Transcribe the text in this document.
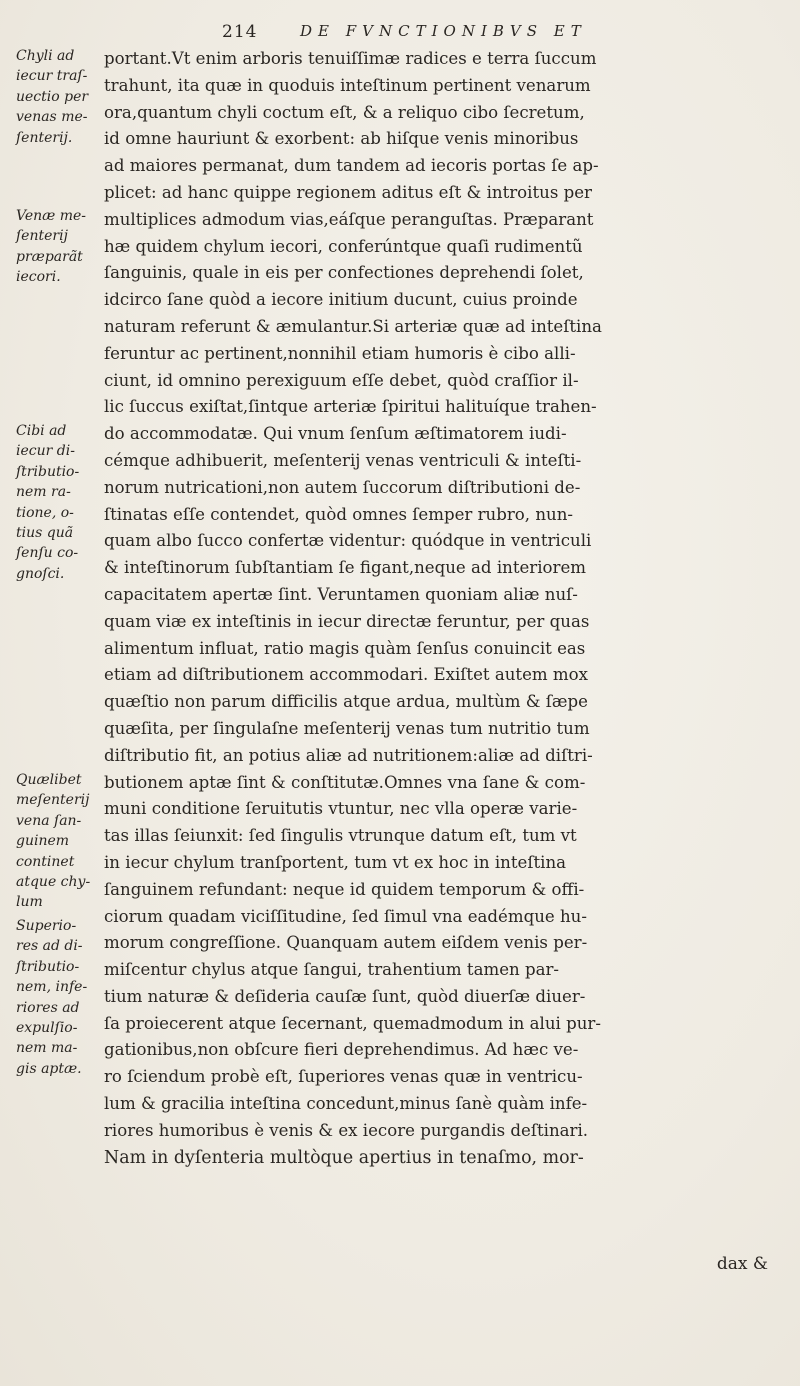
214	DE FVNCTIONIBVS ET
Chyli ad
iecur traſ-
uectio per
venas me-
ſenterij.
Venæ me-
ſenterij
præparãt
iecori.
Cibi ad
iecur di-
ſtributio-
nem ra-
tione, o-
tius quã
ſenſu co-
gnoſci.
Quælibet
meſenterij
vena ſan-
guinem
continet
atque chy-
lum
Superio-
res ad di-
ſtributio-
nem, infe-
riores ad
expulſio-
nem ma-
gis aptæ.
portant.Vt enim arboris tenuiſſimæ radices e terra ſuccum
trahunt, ita quæ in quoduis inteſtinum pertinent venarum
ora,quantum chyli coctum eſt, & a reliquo cibo ſecretum,
id omne hauriunt & exorbent: ab hiſque venis minoribus
ad maiores permanat, dum tandem ad iecoris portas ſe ap-
plicet: ad hanc quippe regionem aditus eſt & introitus per
multiplices admodum vias,eáſque peranguſtas. Præparant
hæ quidem chylum iecori, conferúntque quaſi rudimentũ
ſanguinis, quale in eis per confectiones deprehendi ſolet,
idcirco ſane quòd a iecore initium ducunt, cuius proinde
naturam referunt & æmulantur.Si arteriæ quæ ad inteſtina
feruntur ac pertinent,nonnihil etiam humoris è cibo alli-
ciunt, id omnino perexiguum eſſe debet, quòd craſſior il-
lic ſuccus exiſtat,ſintque arteriæ ſpiritui halituíque trahen-
do accommodatæ. Qui vnum ſenſum æſtimatorem iudi-
cémque adhibuerit, meſenterij venas ventriculi & inteſti-
norum nutricationi,non autem ſuccorum diſtributioni de-
ſtinatas eſſe contendet, quòd omnes ſemper rubro, nun-
quam albo ſucco confertæ videntur: quódque in ventriculi
& inteſtinorum ſubſtantiam ſe figant,neque ad interiorem
capacitatem apertæ ſint. Veruntamen quoniam aliæ nuſ-
quam viæ ex inteſtinis in iecur directæ feruntur, per quas
alimentum influat, ratio magis quàm ſenſus conuincit eas
etiam ad diſtributionem accommodari. Exiſtet autem mox
quæſtio non parum difficilis atque ardua, multùm & ſæpe
quæſita, per ſingulaſne meſenterij venas tum nutritio tum
diſtributio fit, an potius aliæ ad nutritionem:aliæ ad diſtri-
butionem aptæ ſint & conſtitutæ.Omnes vna ſane & com-
muni conditione ſeruitutis vtuntur, nec vlla operæ varie-
tas illas ſeiunxit: ſed ſingulis vtrunque datum eſt, tum vt
in iecur chylum tranſportent, tum vt ex hoc in inteſtina
ſanguinem refundant: neque id quidem temporum & offi-
ciorum quadam viciſſitudine, ſed ſimul vna eadémque hu-
morum congreſſione. Quanquam autem eiſdem venis per-
miſcentur chylus atque ſangui, trahentium tamen par-
tium naturæ & deſideria cauſæ ſunt, quòd diuerſæ diuer-
ſa proiecerent atque ſecernant, quemadmodum in alui pur-
gationibus,non obſcure fieri deprehendimus. Ad hæc ve-
ro ſciendum probè eſt, ſuperiores venas quæ in ventricu-
lum & gracilia inteſtina concedunt,minus ſanè quàm infe-
riores humoribus è venis & ex iecore purgandis deſtinari.
Nam in dyſenteria multòque apertius in tenaſmo, mor-
dax &
